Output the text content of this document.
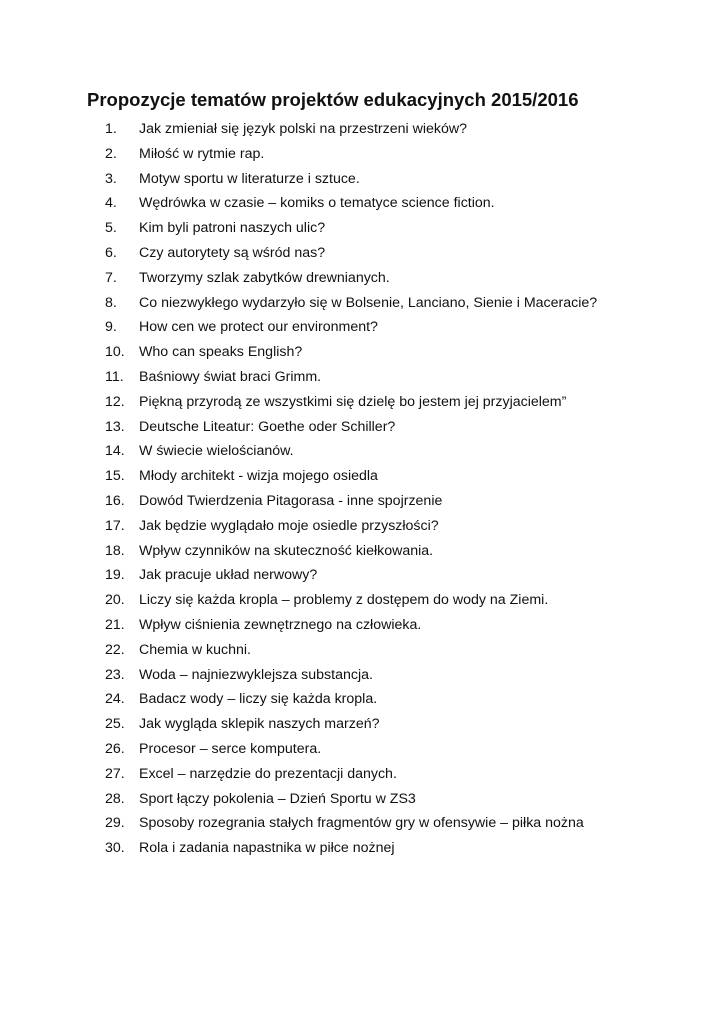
Propozycje tematów projektów edukacyjnych 2015/2016
1.	Jak zmieniał się język polski na przestrzeni wieków?
2.	Miłość w rytmie rap.
3.	Motyw sportu w literaturze i sztuce.
4.	Wędrówka w czasie – komiks o tematyce science fiction.
5.	Kim byli patroni naszych ulic?
6.	Czy autorytety są wśród nas?
7.	Tworzymy szlak zabytków drewnianych.
8.	Co niezwykłego wydarzyło się w Bolsenie, Lanciano, Sienie i Maceracie?
9.	How cen we protect our environment?
10.	Who can speaks English?
11.	Baśniowy świat braci Grimm.
12.	Piękną przyrodą ze wszystkimi się dzielę bo jestem jej przyjacielem”
13.	Deutsche Liteatur: Goethe oder Schiller?
14.	W świecie wielościanów.
15.	Młody architekt - wizja mojego osiedla
16.	Dowód Twierdzenia Pitagorasa - inne spojrzenie
17.	Jak będzie wyglądało moje osiedle przyszłości?
18.	Wpływ czynników na skuteczność kiełkowania.
19.	Jak pracuje układ nerwowy?
20.	Liczy się każda kropla – problemy z dostępem do wody na Ziemi.
21.	Wpływ ciśnienia zewnętrznego na człowieka.
22.	Chemia w kuchni.
23.	Woda – najniezwyklejsza substancja.
24.	Badacz wody – liczy się każda kropla.
25.	Jak wygląda sklepik naszych marzeń?
26.	Procesor – serce komputera.
27.	Excel – narzędzie do prezentacji danych.
28.	Sport łączy pokolenia – Dzień Sportu w ZS3
29.	Sposoby rozegrania stałych fragmentów gry w ofensywie – piłka nożna
30.	Rola i zadania napastnika w piłce nożnej
